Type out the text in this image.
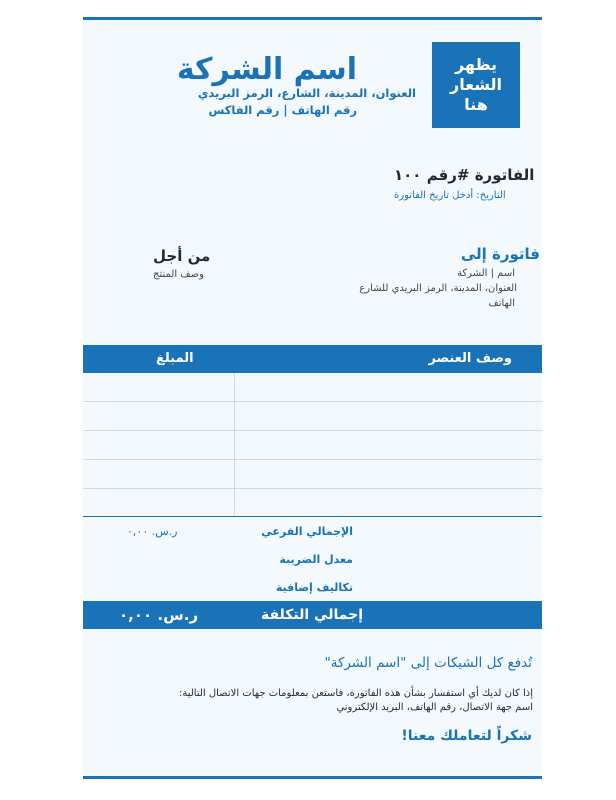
يظهر
الشعار
هنا
اسم الشركة
العنوان، المدينة، الشارع، الرمز البريدي
رقم الهاتف | رقم الفاكس
الفاتورة #رقم ١٠٠
التاريخ: أدخل تاريخ الفاتورة
فاتورة إلى
اسم | الشركة
العنوان، المدينة، الرمز البريدي للشارع
الهاتف
من أجل
وصف المنتج
وصف العنصر
المبلغ
الإجمالي الفرعي
ر.س. ٠,٠٠
معدل الضريبة
تكاليف إضافية
إجمالي التكلفة
ر.س. ٠,٠٠
تُدفع كل الشيكات إلى "اسم الشركة"
إذا كان لديك أي استفسار بشأن هذه الفاتورة، فاستعن بمعلومات جهات الاتصال التالية:
اسم جهة الاتصال، رقم الهاتف، البريد الإلكتروني
شكراً لتعاملك معنا!
